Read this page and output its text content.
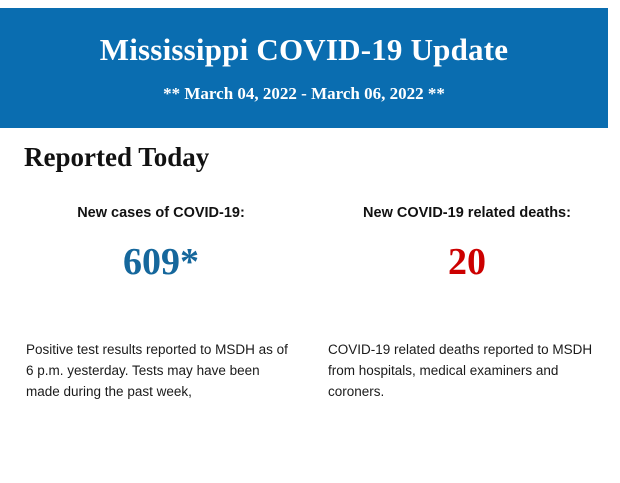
Mississippi COVID-19 Update
** March 04, 2022 - March 06, 2022 **
Reported Today
New cases of COVID-19:
609*
New COVID-19 related deaths:
20

Positive test results reported to MSDH as of 6 p.m. yesterday. Tests may have been made during the past week,

COVID-19 related deaths reported to MSDH from hospitals, medical examiners and coroners.
